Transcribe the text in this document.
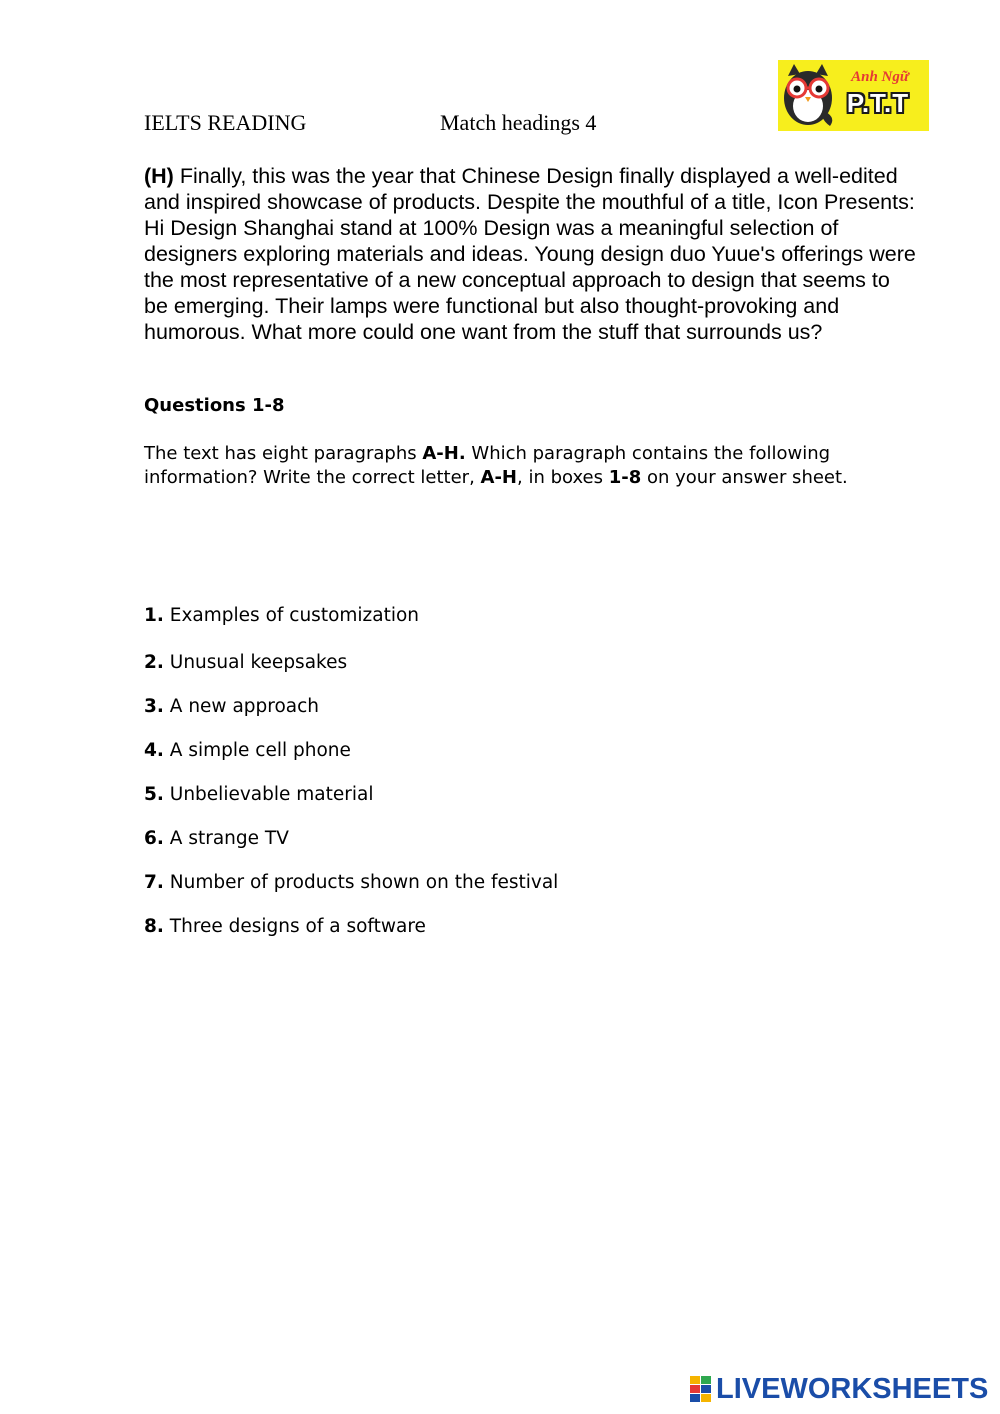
IELTS READING	Match headings 4
Anh Ngữ
P.T.T

(H) Finally, this was the year that Chinese Design finally displayed a well-edited and inspired showcase of products. Despite the mouthful of a title, Icon Presents: Hi Design Shanghai stand at 100% Design was a meaningful selection of designers exploring materials and ideas. Young design duo Yuue's offerings were the most representative of a new conceptual approach to design that seems to be emerging. Their lamps were functional but also thought-provoking and humorous. What more could one want from the stuff that surrounds us?

Questions 1-8

The text has eight paragraphs A-H. Which paragraph contains the following information? Write the correct letter, A-H, in boxes 1-8 on your answer sheet.

1. Examples of customization
2. Unusual keepsakes
3. A new approach
4. A simple cell phone
5. Unbelievable material
6. A strange TV
7. Number of products shown on the festival
8. Three designs of a software
LIVEWORKSHEETS
